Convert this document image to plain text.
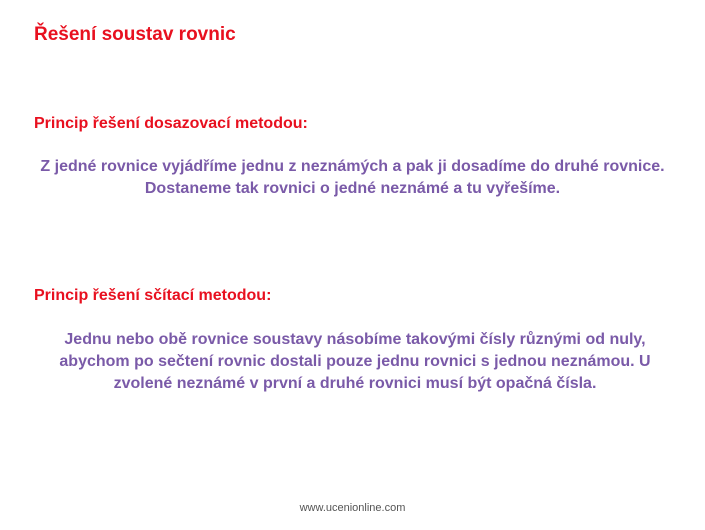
Řešení soustav rovnic
Princip řešení dosazovací metodou:

Z jedné rovnice vyjádříme jednu z neznámých a pak ji dosadíme do druhé rovnice. Dostaneme tak rovnici o jedné neznámé a tu vyřešíme.

Princip řešení sčítací metodou:

Jednu nebo obě rovnice soustavy násobíme takovými čísly různými od nuly, abychom po sečtení rovnic dostali pouze jednu rovnici s jednou neznámou. U zvolené neznámé v první a druhé rovnici musí být opačná čísla.

www.ucenionline.com
